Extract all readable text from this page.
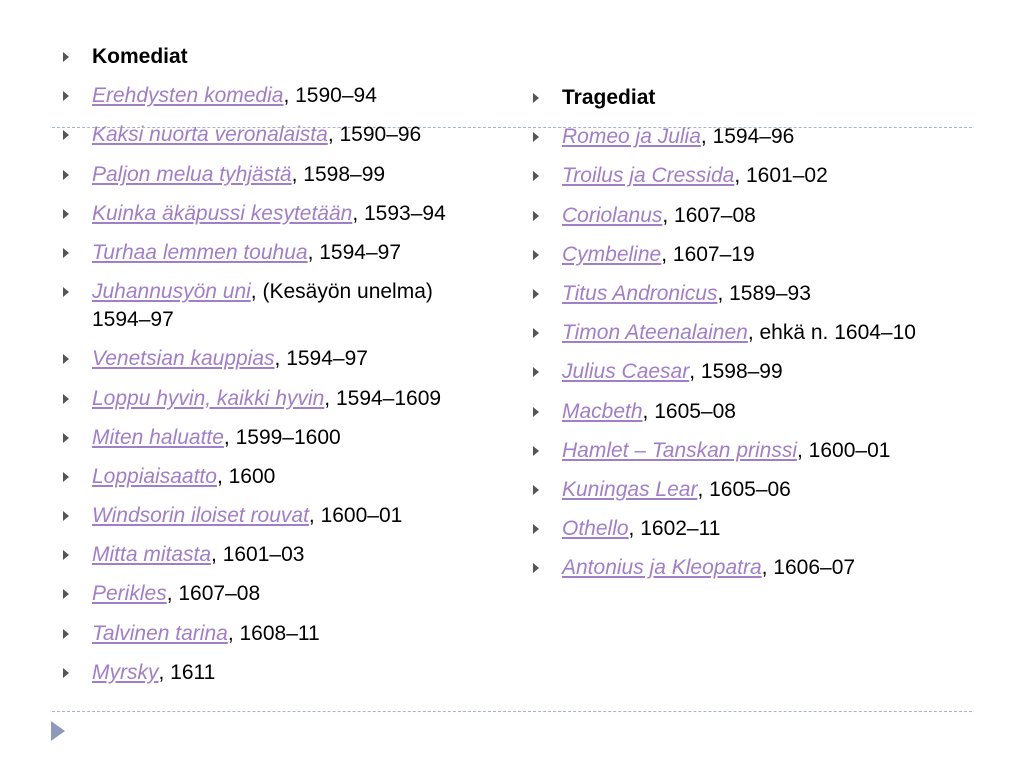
Komediat
Erehdysten komedia, 1590–94
Kaksi nuorta veronalaista, 1590–96
Paljon melua tyhjästä, 1598–99
Kuinka äkäpussi kesytetään, 1593–94
Turhaa lemmen touhua, 1594–97
Juhannusyön uni, (Kesäyön unelma) 1594–97
Venetsian kauppias, 1594–97
Loppu hyvin, kaikki hyvin, 1594–1609
Miten haluatte, 1599–1600
Loppiaisaatto, 1600
Windsorin iloiset rouvat, 1600–01
Mitta mitasta, 1601–03
Perikles, 1607–08
Talvinen tarina, 1608–11
Myrsky, 1611
Tragediat
Romeo ja Julia, 1594–96
Troilus ja Cressida, 1601–02
Coriolanus, 1607–08
Cymbeline, 1607–19
Titus Andronicus, 1589–93
Timon Ateenalainen, ehkä n. 1604–10
Julius Caesar, 1598–99
Macbeth, 1605–08
Hamlet – Tanskan prinssi, 1600–01
Kuningas Lear, 1605–06
Othello, 1602–11
Antonius ja Kleopatra, 1606–07
